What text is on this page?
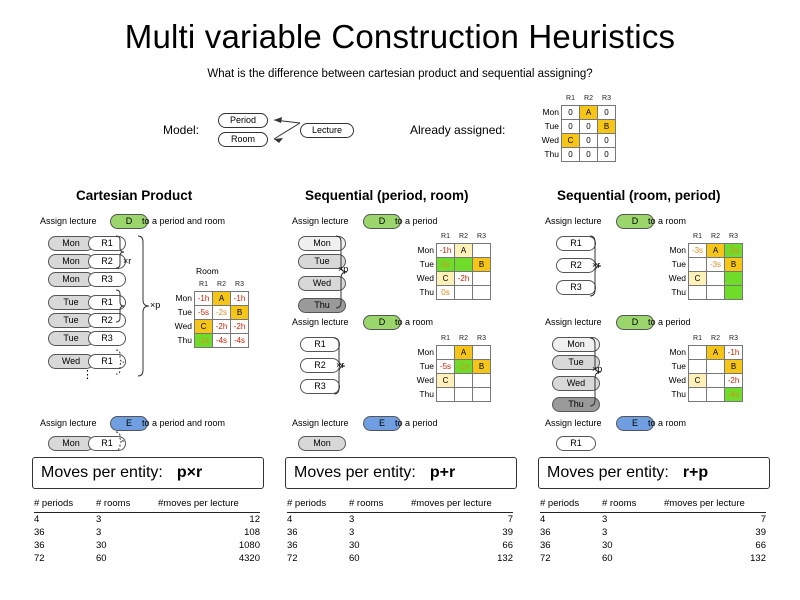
Multi variable Construction Heuristics
What is the difference between cartesian product and sequential assigning?
Model:
Period
Room
Lecture	Already assigned:
	R1	R2	R3
Mon	0	A	0
Tue	0	0	B
Wed	C	0	0
Thu	0	0	0
Cartesian Product
Assign lecture	D	to a period and room
Mon	R1
Mon	R2
Mon	R3
Tue	R1
Tue	R2
Tue	R3
Wed	R1
⋮
×r
×p
Room
	R1	R2	R3
Mon	-1h	A	-1h
Tue	-5s	-2s	B
Wed	C	-2h	-2h
Thu	-1s	-4s	-4s
Assign lecture	E	to a period and room
Mon	R1
Moves per entity: p×r
# periods	# rooms	#moves per lecture
4	3	12
36	3	108
36	30	1080
72	60	4320
Sequential (period, room)
Assign lecture	D	to a period
Mon
Tue
Wed
Thu
×p
	R1	R2	R3
Mon	-1h	A	
Tue	0s		B
Wed	C	-2h	
Thu	0s		
Assign lecture	D	to a room
R1
R2
R3
×r
	R1	R2	R3
Mon		A	
Tue	-5s	-2s	B
Wed	C		
Thu			
Assign lecture	E	to a period
Mon
Moves per entity: p+r
# periods	# rooms	#moves per lecture
4	3	7
36	3	39
36	30	66
72	60	132
Sequential (room, period)
Assign lecture	D	to a room
R1
R2
R3
×r
	R1	R2	R3
Mon	-3s	A	-2s
Tue		-3s	B
Wed	C		
Thu			
Assign lecture	D	to a period
Mon
Tue
Wed
Thu
×p
	R1	R2	R3
Mon		A	-1h
Tue			B
Wed	C		-2h
Thu			-4s
Assign lecture	E	to a room
R1
Moves per entity: r+p
# periods	# rooms	#moves per lecture
4	3	7
36	3	39
36	30	66
72	60	132
